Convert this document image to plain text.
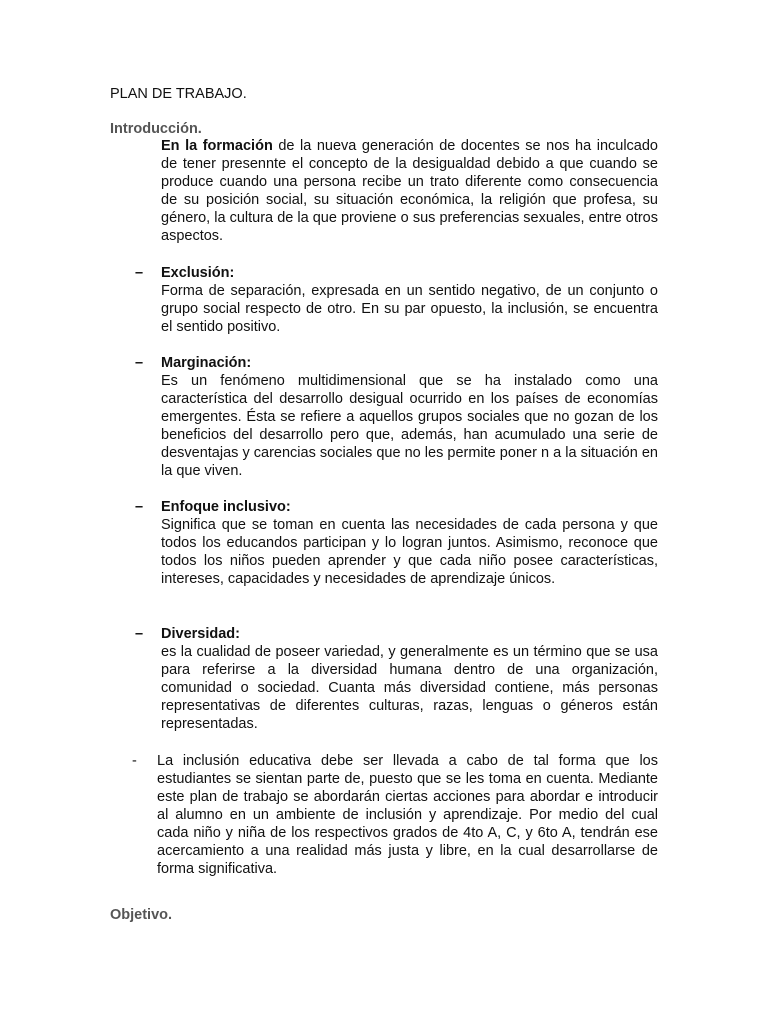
PLAN DE TRABAJO.
Introducción.

En la formación de la nueva generación de docentes se nos ha inculcado de tener presennte el concepto de la desigualdad debido a que cuando se produce cuando una persona recibe un trato diferente como consecuencia de su posición social, su situación económica, la religión que profesa, su género, la cultura de la que proviene o sus preferencias sexuales, entre otros aspectos.

– Exclusión:

Forma de separación, expresada en un sentido negativo, de un conjunto o grupo social respecto de otro. En su par opuesto, la inclusión, se encuentra el sentido positivo.

– Marginación:

Es un fenómeno multidimensional que se ha instalado como una característica del desarrollo desigual ocurrido en los países de economías emergentes. Ésta se refiere a aquellos grupos sociales que no gozan de los beneficios del desarrollo pero que, además, han acumulado una serie de desventajas y carencias sociales que no les permite poner n a la situación en la que viven.

– Enfoque inclusivo:

Significa que se toman en cuenta las necesidades de cada persona y que todos los educandos participan y lo logran juntos. Asimismo, reconoce que todos los niños pueden aprender y que cada niño posee características, intereses, capacidades y necesidades de aprendizaje únicos.

– Diversidad:

es la cualidad de poseer variedad, y generalmente es un término que se usa para referirse a la diversidad humana dentro de una organización, comunidad o sociedad. Cuanta más diversidad contiene, más personas representativas de diferentes culturas, razas, lenguas o géneros están representadas.

- La inclusión educativa debe ser llevada a cabo de tal forma que los estudiantes se sientan parte de, puesto que se les toma en cuenta. Mediante este plan de trabajo se abordarán ciertas acciones para abordar e introducir al alumno en un ambiente de inclusión y aprendizaje. Por medio del cual cada niño y niña de los respectivos grados de 4to A, C, y 6to A, tendrán ese acercamiento a una realidad más justa y libre, en la cual desarrollarse de forma significativa.

Objetivo.
